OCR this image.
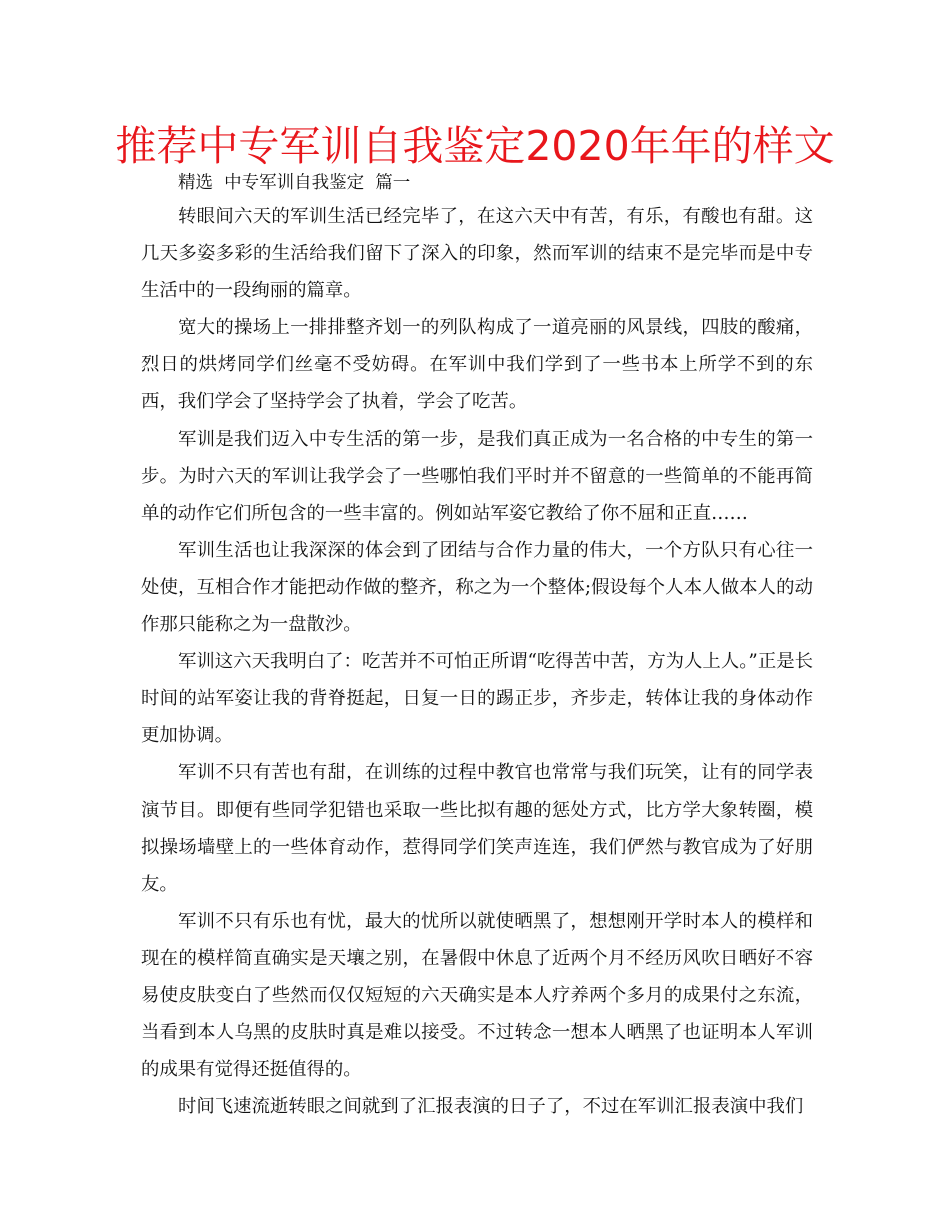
推荐中专军训自我鉴定2020年年的样文

精选  中专军训自我鉴定  篇一

转眼间六天的军训生活已经完毕了，在这六天中有苦，有乐，有酸也有甜。这几天多姿多彩的生活给我们留下了深入的印象，然而军训的结束不是完毕而是中专生活中的一段绚丽的篇章。

宽大的操场上一排排整齐划一的列队构成了一道亮丽的风景线，四肢的酸痛，烈日的烘烤同学们丝毫不受妨碍。在军训中我们学到了一些书本上所学不到的东西，我们学会了坚持学会了执着，学会了吃苦。

军训是我们迈入中专生活的第一步，是我们真正成为一名合格的中专生的第一步。为时六天的军训让我学会了一些哪怕我们平时并不留意的一些简单的不能再简单的动作它们所包含的一些丰富的。例如站军姿它教给了你不屈和正直……

军训生活也让我深深的体会到了团结与合作力量的伟大，一个方队只有心往一处使，互相合作才能把动作做的整齐，称之为一个整体;假设每个人本人做本人的动作那只能称之为一盘散沙。

军训这六天我明白了：吃苦并不可怕正所谓“吃得苦中苦，方为人上人。”正是长时间的站军姿让我的背脊挺起，日复一日的踢正步，齐步走，转体让我的身体动作更加协调。

军训不只有苦也有甜，在训练的过程中教官也常常与我们玩笑，让有的同学表演节目。即便有些同学犯错也采取一些比拟有趣的惩处方式，比方学大象转圈，模拟操场墙壁上的一些体育动作，惹得同学们笑声连连，我们俨然与教官成为了好朋友。

军训不只有乐也有忧，最大的忧所以就使晒黑了，想想刚开学时本人的模样和现在的模样简直确实是天壤之别，在暑假中休息了近两个月不经历风吹日晒好不容易使皮肤变白了些然而仅仅短短的六天确实是本人疗养两个多月的成果付之东流，当看到本人乌黑的皮肤时真是难以接受。不过转念一想本人晒黑了也证明本人军训的成果有觉得还挺值得的。

时间飞速流逝转眼之间就到了汇报表演的日子了，不过在军训汇报表演中我们
